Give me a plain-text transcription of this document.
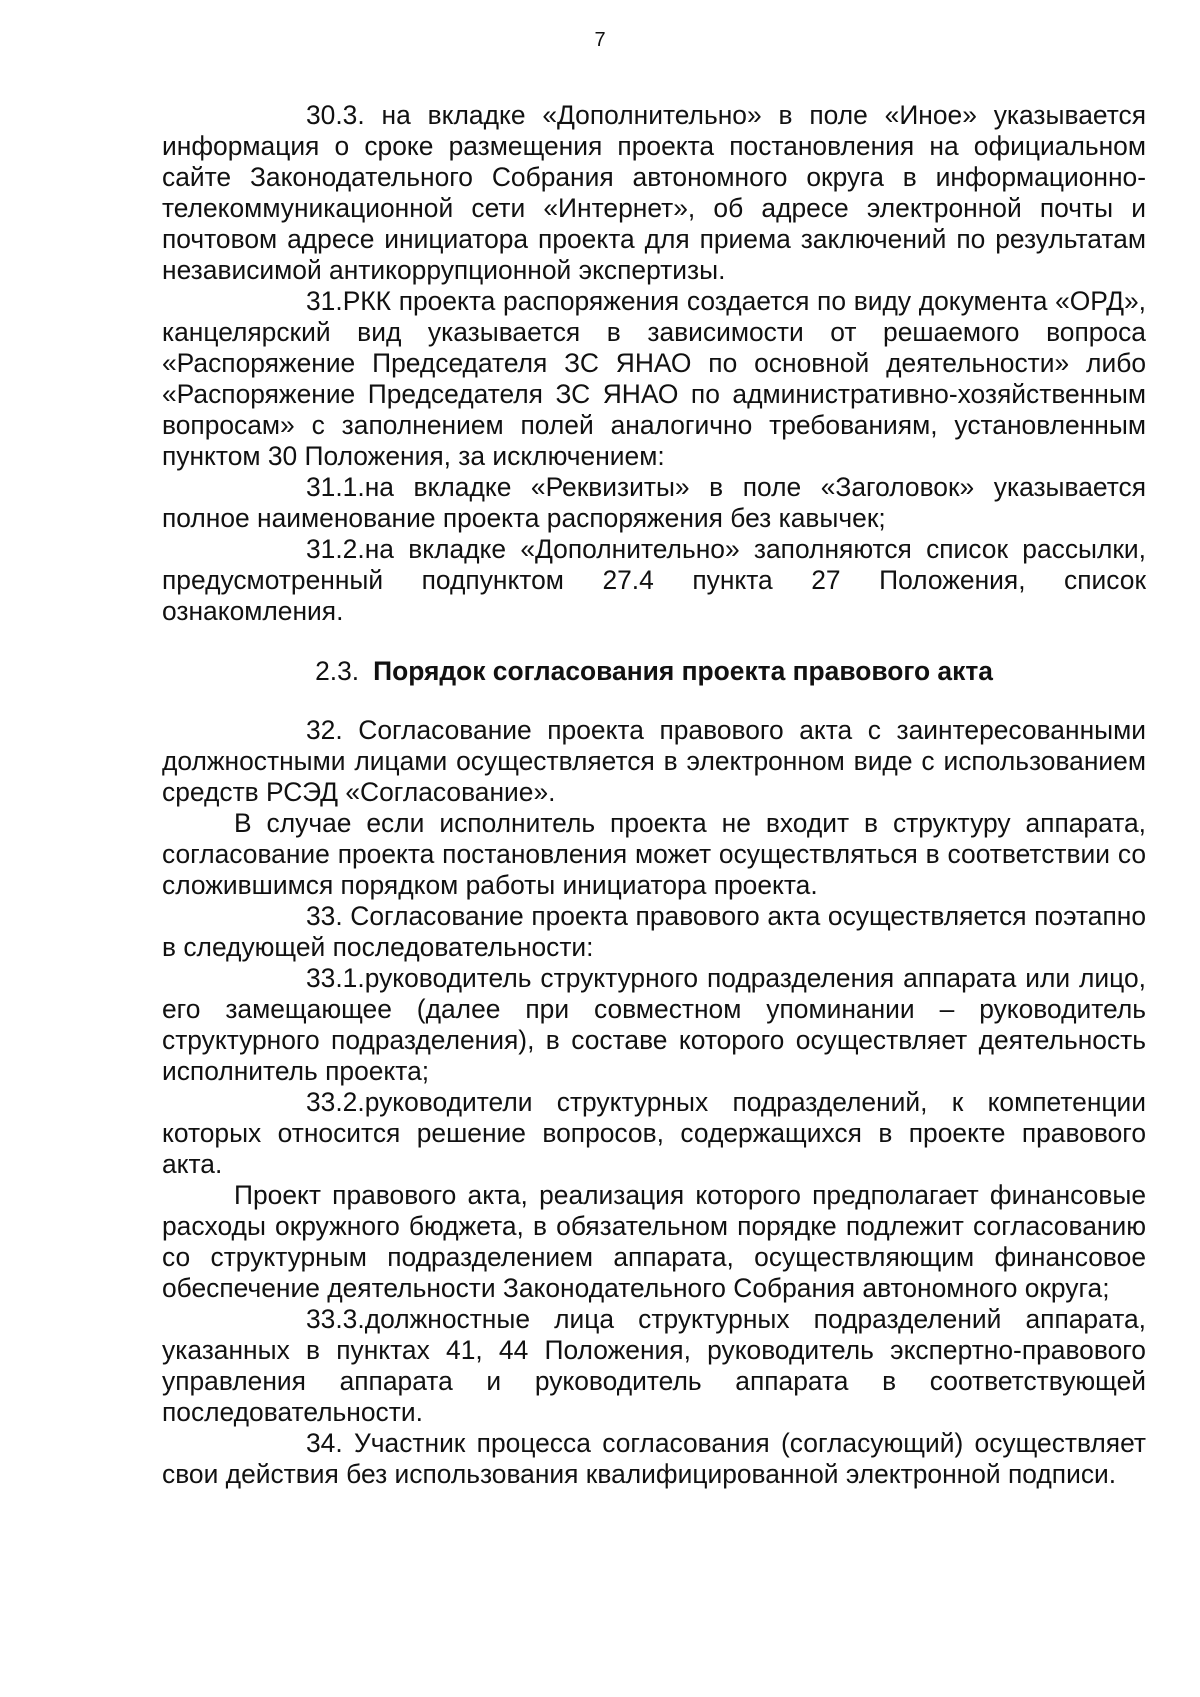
7

30.3. на вкладке «Дополнительно» в поле «Иное» указывается информация о сроке размещения проекта постановления на официальном сайте Законодательного Собрания автономного округа в информационно-телекоммуникационной сети «Интернет», об адресе электронной почты и почтовом адресе инициатора проекта для приема заключений по результатам независимой антикоррупционной экспертизы.

31.РКК проекта распоряжения создается по виду документа «ОРД», канцелярский вид указывается в зависимости от решаемого вопроса «Распоряжение Председателя ЗС ЯНАО по основной деятельности» либо «Распоряжение Председателя ЗС ЯНАО по административно-хозяйственным вопросам» с заполнением полей аналогично требованиям, установленным пунктом 30 Положения, за исключением:

31.1.на вкладке «Реквизиты» в поле «Заголовок» указывается полное наименование проекта распоряжения без кавычек;

31.2.на вкладке «Дополнительно» заполняются список рассылки, предусмотренный подпунктом 27.4 пункта 27 Положения, список ознакомления.

2.3. Порядок согласования проекта правового акта

32. Согласование проекта правового акта с заинтересованными должностными лицами осуществляется в электронном виде с использованием средств РСЭД «Согласование».

В случае если исполнитель проекта не входит в структуру аппарата, согласование проекта постановления может осуществляться в соответствии со сложившимся порядком работы инициатора проекта.

33. Согласование проекта правового акта осуществляется поэтапно в следующей последовательности:

33.1.руководитель структурного подразделения аппарата или лицо, его замещающее (далее при совместном упоминании – руководитель структурного подразделения), в составе которого осуществляет деятельность исполнитель проекта;

33.2.руководители структурных подразделений, к компетенции которых относится решение вопросов, содержащихся в проекте правового акта.

Проект правового акта, реализация которого предполагает финансовые расходы окружного бюджета, в обязательном порядке подлежит согласованию со структурным подразделением аппарата, осуществляющим финансовое обеспечение деятельности Законодательного Собрания автономного округа;

33.3.должностные лица структурных подразделений аппарата, указанных в пунктах 41, 44 Положения, руководитель экспертно-правового управления аппарата и руководитель аппарата в соответствующей последовательности.

34. Участник процесса согласования (согласующий) осуществляет свои действия без использования квалифицированной электронной подписи.
